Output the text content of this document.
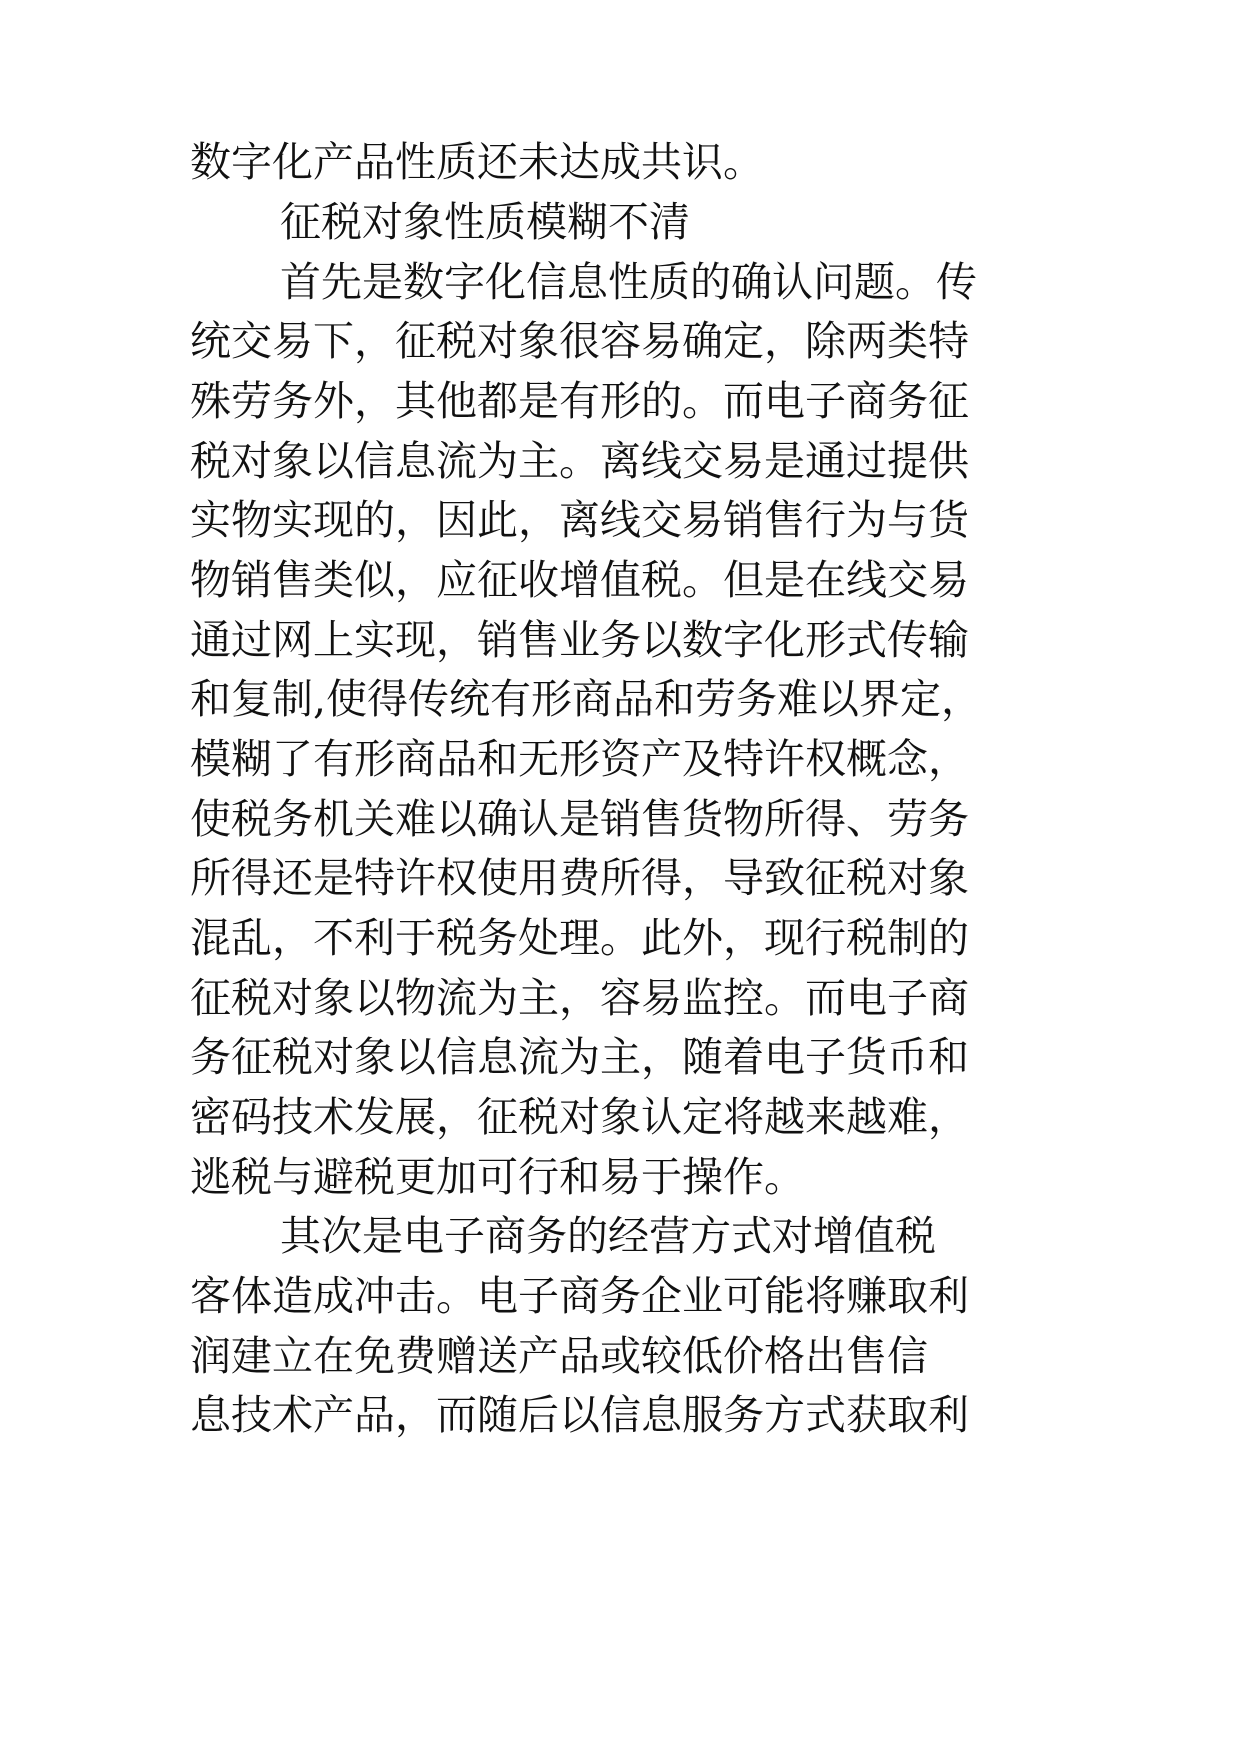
数字化产品性质还未达成共识。
征税对象性质模糊不清
首先是数字化信息性质的确认问题。传
统交易下，征税对象很容易确定，除两类特
殊劳务外，其他都是有形的。而电子商务征
税对象以信息流为主。离线交易是通过提供
实物实现的，因此，离线交易销售行为与货
物销售类似，应征收增值税。但是在线交易
通过网上实现，销售业务以数字化形式传输
和复制,使得传统有形商品和劳务难以界定，
模糊了有形商品和无形资产及特许权概念，
使税务机关难以确认是销售货物所得、劳务
所得还是特许权使用费所得，导致征税对象
混乱，不利于税务处理。此外，现行税制的
征税对象以物流为主，容易监控。而电子商
务征税对象以信息流为主，随着电子货币和
密码技术发展，征税对象认定将越来越难，
逃税与避税更加可行和易于操作。
其次是电子商务的经营方式对增值税
客体造成冲击。电子商务企业可能将赚取利
润建立在免费赠送产品或较低价格出售信
息技术产品，而随后以信息服务方式获取利
